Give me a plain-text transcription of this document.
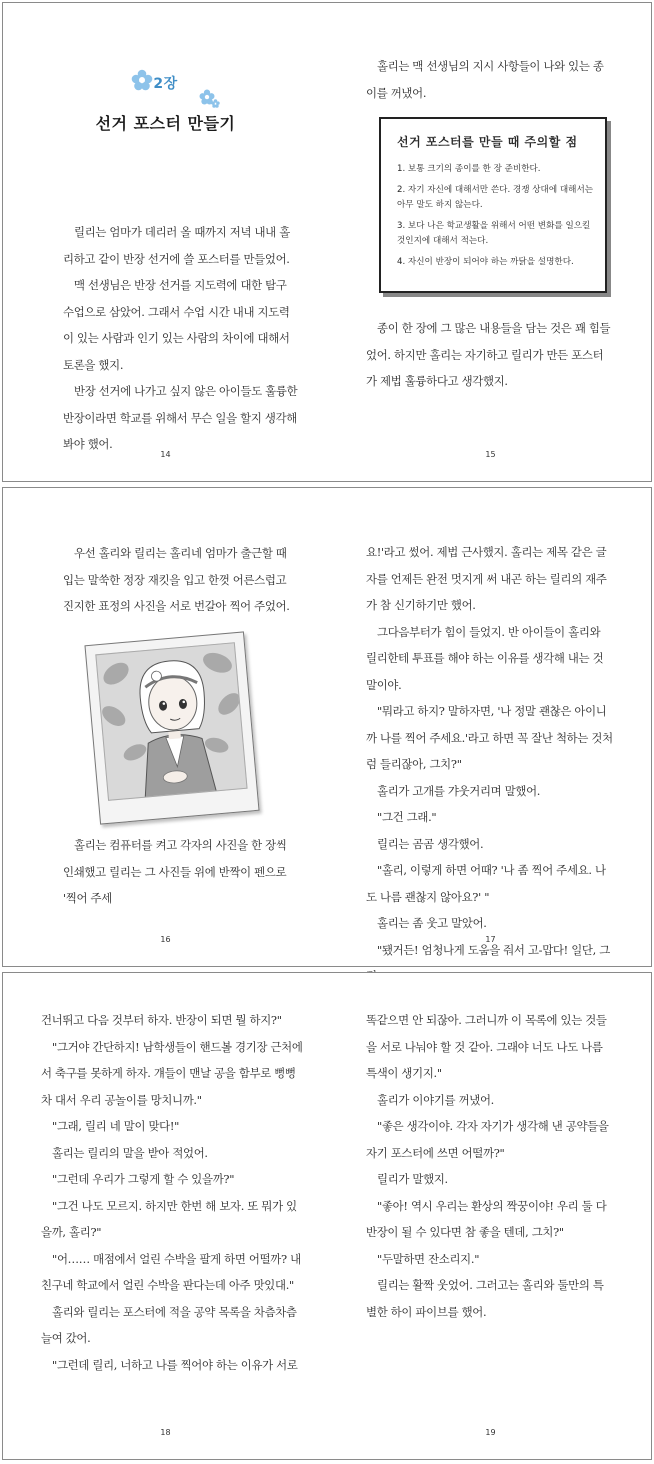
2장
선거 포스터 만들기

릴리는 엄마가 데리러 올 때까지 저녁 내내 홀리하고 같이 반장 선거에 쓸 포스터를 만들었어.

맥 선생님은 반장 선거를 지도력에 대한 탐구 수업으로 삼았어. 그래서 수업 시간 내내 지도력이 있는 사람과 인기 있는 사람의 차이에 대해서 토론을 했지.

반장 선거에 나가고 싶지 않은 아이들도 훌륭한 반장이라면 학교를 위해서 무슨 일을 할지 생각해 봐야 했어.

14

홀리는 맥 선생님의 지시 사항들이 나와 있는 종이를 꺼냈어.

선거 포스터를 만들 때 주의할 점
1. 보통 크기의 종이를 한 장 준비한다.
2. 자기 자신에 대해서만 쓴다. 경쟁 상대에 대해서는 아무 말도 하지 않는다.
3. 보다 나은 학교생활을 위해서 어떤 변화를 일으킬 것인지에 대해서 적는다.
4. 자신이 반장이 되어야 하는 까닭을 설명한다.

종이 한 장에 그 많은 내용들을 담는 것은 꽤 힘들었어. 하지만 홀리는 자기하고 릴리가 만든 포스터가 제법 훌륭하다고 생각했지.

15

우선 홀리와 릴리는 홀리네 엄마가 출근할 때 입는 말쑥한 정장 재킷을 입고 한껏 어른스럽고 진지한 표정의 사진을 서로 번갈아 찍어 주었어.

홀리는 컴퓨터를 켜고 각자의 사진을 한 장씩 인쇄했고 릴리는 그 사진들 위에 반짝이 펜으로 '찍어 주세

16

요!'라고 썼어. 제법 근사했지. 홀리는 제목 같은 글자를 언제든 완전 멋지게 써 내곤 하는 릴리의 재주가 참 신기하기만 했어.

그다음부터가 힘이 들었지. 반 아이들이 홀리와 릴리한테 투표를 해야 하는 이유를 생각해 내는 것 말이야.

"뭐라고 하지? 말하자면, '나 정말 괜찮은 아이니까 나를 찍어 주세요.'라고 하면 꼭 잘난 척하는 것처럼 들리잖아, 그치?"

홀리가 고개를 갸웃거리며 말했어.

"그건 그래."

릴리는 곰곰 생각했어.

"홀리, 이렇게 하면 어때? '나 좀 찍어 주세요. 나도 나름 괜찮지 않아요?' "

홀리는 좀 웃고 말았어.

"됐거든! 엄청나게 도움을 줘서 고-맙다! 일단, 그

17

건너뛰고 다음 것부터 하자. 반장이 되면 뭘 하지?"

"그거야 간단하지! 남학생들이 핸드볼 경기장 근처에서 축구를 못하게 하자. 걔들이 맨날 공을 함부로 뻥뻥 차 대서 우리 공놀이를 망치니까."

"그래, 릴리 네 말이 맞다!"

홀리는 릴리의 말을 받아 적었어.

"그런데 우리가 그렇게 할 수 있을까?"

"그건 나도 모르지. 하지만 한번 해 보자. 또 뭐가 있을까, 홀리?"

"어…… 매점에서 얼린 수박을 팔게 하면 어떨까? 내 친구네 학교에서 얼린 수박을 판다는데 아주 맛있대."

홀리와 릴리는 포스터에 적을 공약 목록을 차츰차츰 늘여 갔어.

"그런데 릴리, 너하고 나를 찍어야 하는 이유가 서로

18

똑같으면 안 되잖아. 그러니까 이 목록에 있는 것들을 서로 나눠야 할 것 같아. 그래야 너도 나도 나름 특색이 생기지."

홀리가 이야기를 꺼냈어.

"좋은 생각이야. 각자 자기가 생각해 낸 공약들을 자기 포스터에 쓰면 어떨까?"

릴리가 말했지.

"좋아! 역시 우리는 환상의 짝꿍이야! 우리 둘 다 반장이 될 수 있다면 참 좋을 텐데, 그치?"

"두말하면 잔소리지."

릴리는 활짝 웃었어. 그러고는 홀리와 둘만의 특별한 하이 파이브를 했어.

19
